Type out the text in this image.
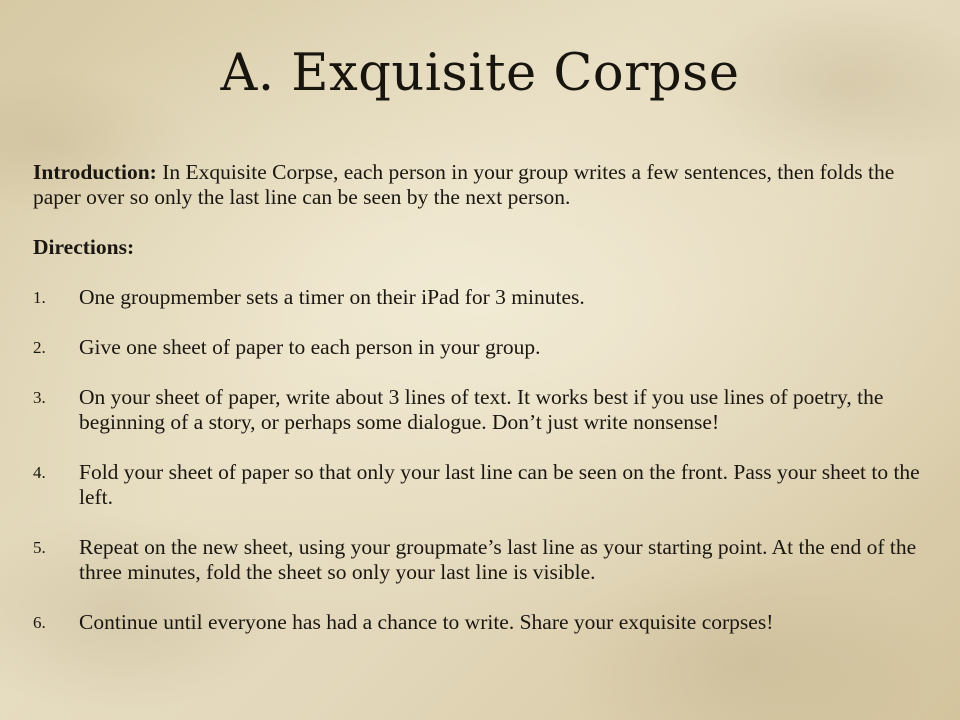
A. Exquisite Corpse

Introduction: In Exquisite Corpse, each person in your group writes a few sentences, then folds the paper over so only the last line can be seen by the next person.

Directions:
1.	One groupmember sets a timer on their iPad for 3 minutes.
2.	Give one sheet of paper to each person in your group.
3.	On your sheet of paper, write about 3 lines of text. It works best if you use lines of poetry, the beginning of a story, or perhaps some dialogue. Don’t just write nonsense!
4.	Fold your sheet of paper so that only your last line can be seen on the front. Pass your sheet to the left.
5.	Repeat on the new sheet, using your groupmate’s last line as your starting point. At the end of the three minutes, fold the sheet so only your last line is visible.
6.	Continue until everyone has had a chance to write. Share your exquisite corpses!
